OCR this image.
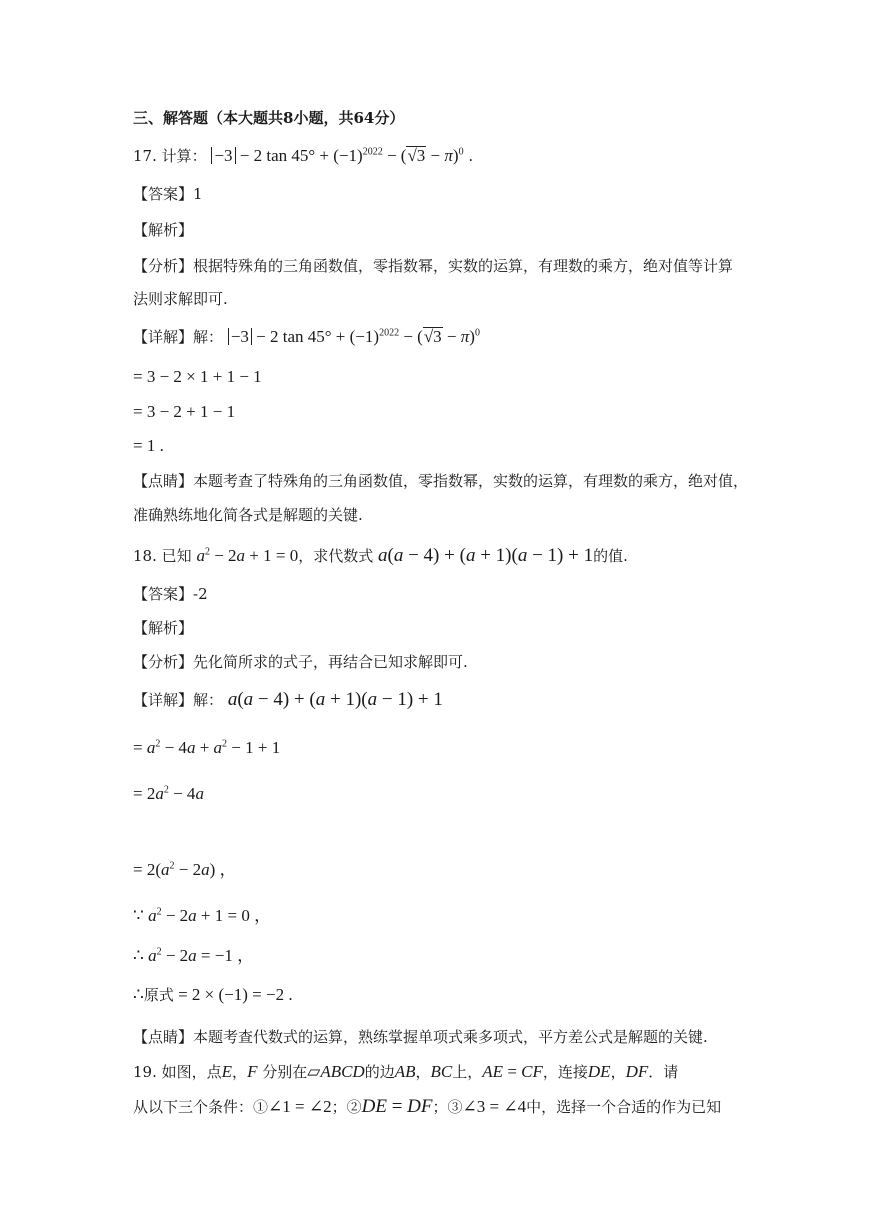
三、解答题（本大题共8小题，共64分）
17. 计算： −3 − 2 $\tan 45^\circ + (-1)^{2022} - (√3 - \pi)^0$ .
【答案】1
【解析】
【分析】根据特殊角的三角函数值，零指数幂，实数的运算，有理数的乘方，绝对值等计算
法则求解即可.
【详解】解： −3 − 2 $\tan 45^\circ + (-1)^{2022} - (√3 - \pi)^0$
= 3 − 2 × 1 + 1 − 1
= 3 − 2 + 1 − 1
= 1 .
【点睛】本题考查了特殊角的三角函数值，零指数幂，实数的运算，有理数的乘方，绝对值，
准确熟练地化简各式是解题的关键.
18. 已知 $a^2 - 2a + 1 = 0$，求代数式 a(a − 4) + (a + 1)(a − 1) + 1的值.
【答案】-2
【解析】
【分析】先化简所求的式子，再结合已知求解即可.
【详解】解： a(a − 4) + (a + 1)(a − 1) + 1
= $a^2 - 4a + a^2 - 1 + 1$
= $2a^2 - 4a$
= $2(a^2 - 2a)$ ，
∵ $a^2 - 2a + 1 = 0$ ，
∴ $a^2 - 2a = -1$ ，
∴原式 = 2 × (−1) = −2 .
【点睛】本题考查代数式的运算，熟练掌握单项式乘多项式，平方差公式是解题的关键.
19. 如图，点E，F 分别在▱ABCD的边AB，BC上，AE = CF，连接DE，DF．请
从以下三个条件：①∠1 = ∠2；②DE = DF；③∠3 = ∠4中，选择一个合适的作为已知
